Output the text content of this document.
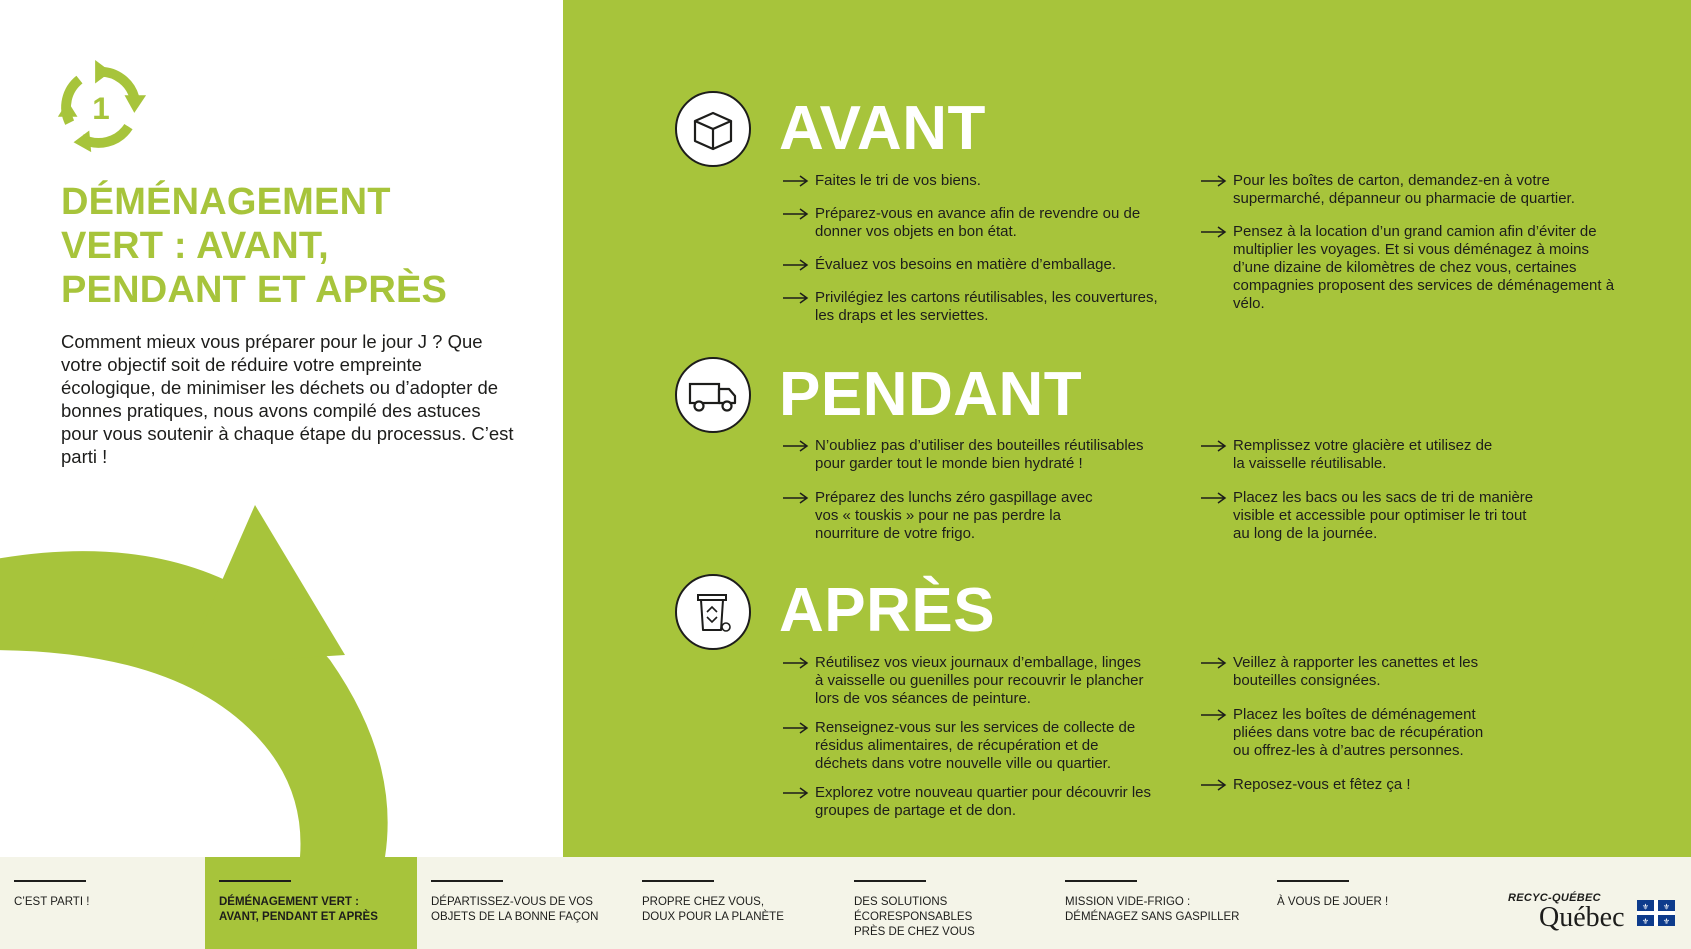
1
DÉMÉNAGEMENT
VERT : AVANT,
PENDANT ET APRÈS

Comment mieux vous préparer pour le jour J ? Que votre objectif soit de réduire votre empreinte écologique, de minimiser les déchets ou d’adopter de bonnes pratiques, nous avons compilé des astuces pour vous soutenir à chaque étape du processus. C’est parti !

AVANT
Faites le tri de vos biens.
Préparez-vous en avance afin de revendre ou de donner vos objets en bon état.
Évaluez vos besoins en matière d’emballage.
Privilégiez les cartons réutilisables, les couvertures, les draps et les serviettes.
Pour les boîtes de carton, demandez-en à votre supermarché, dépanneur ou pharmacie de quartier.
Pensez à la location d’un grand camion afin d’éviter de multiplier les voyages. Et si vous déménagez à moins d’une dizaine de kilomètres de chez vous, certaines compagnies proposent des services de déménagement à vélo.
PENDANT
N’oubliez pas d’utiliser des bouteilles réutilisables pour garder tout le monde bien hydraté !
Préparez des lunchs zéro gaspillage avec vos « touskis » pour ne pas perdre la nourriture de votre frigo.
Remplissez votre glacière et utilisez de la vaisselle réutilisable.
Placez les bacs ou les sacs de tri de manière visible et accessible pour optimiser le tri tout au long de la journée.
APRÈS
Réutilisez vos vieux journaux d’emballage, linges à vaisselle ou guenilles pour recouvrir le plancher lors de vos séances de peinture.
Renseignez-vous sur les services de collecte de résidus alimentaires, de récupération et de déchets dans votre nouvelle ville ou quartier.
Explorez votre nouveau quartier pour découvrir les groupes de partage et de don.
Veillez à rapporter les canettes et les bouteilles consignées.
Placez les boîtes de déménagement pliées dans votre bac de récupération ou offrez-les à d’autres personnes.
Reposez-vous et fêtez ça !
C’EST PARTI !	DÉMÉNAGEMENT VERT :
AVANT, PENDANT ET APRÈS
DÉPARTISSEZ-VOUS DE VOS
OBJETS DE LA BONNE FAÇON
PROPRE CHEZ VOUS,
DOUX POUR LA PLANÈTE
DES SOLUTIONS
ÉCORESPONSABLES
PRÈS DE CHEZ VOUS
MISSION VIDE-FRIGO :
DÉMÉNAGEZ SANS GASPILLER
À VOUS DE JOUER !	RECYC-QUÉBEC
Québec ⚜ ⚜
⚜ ⚜
